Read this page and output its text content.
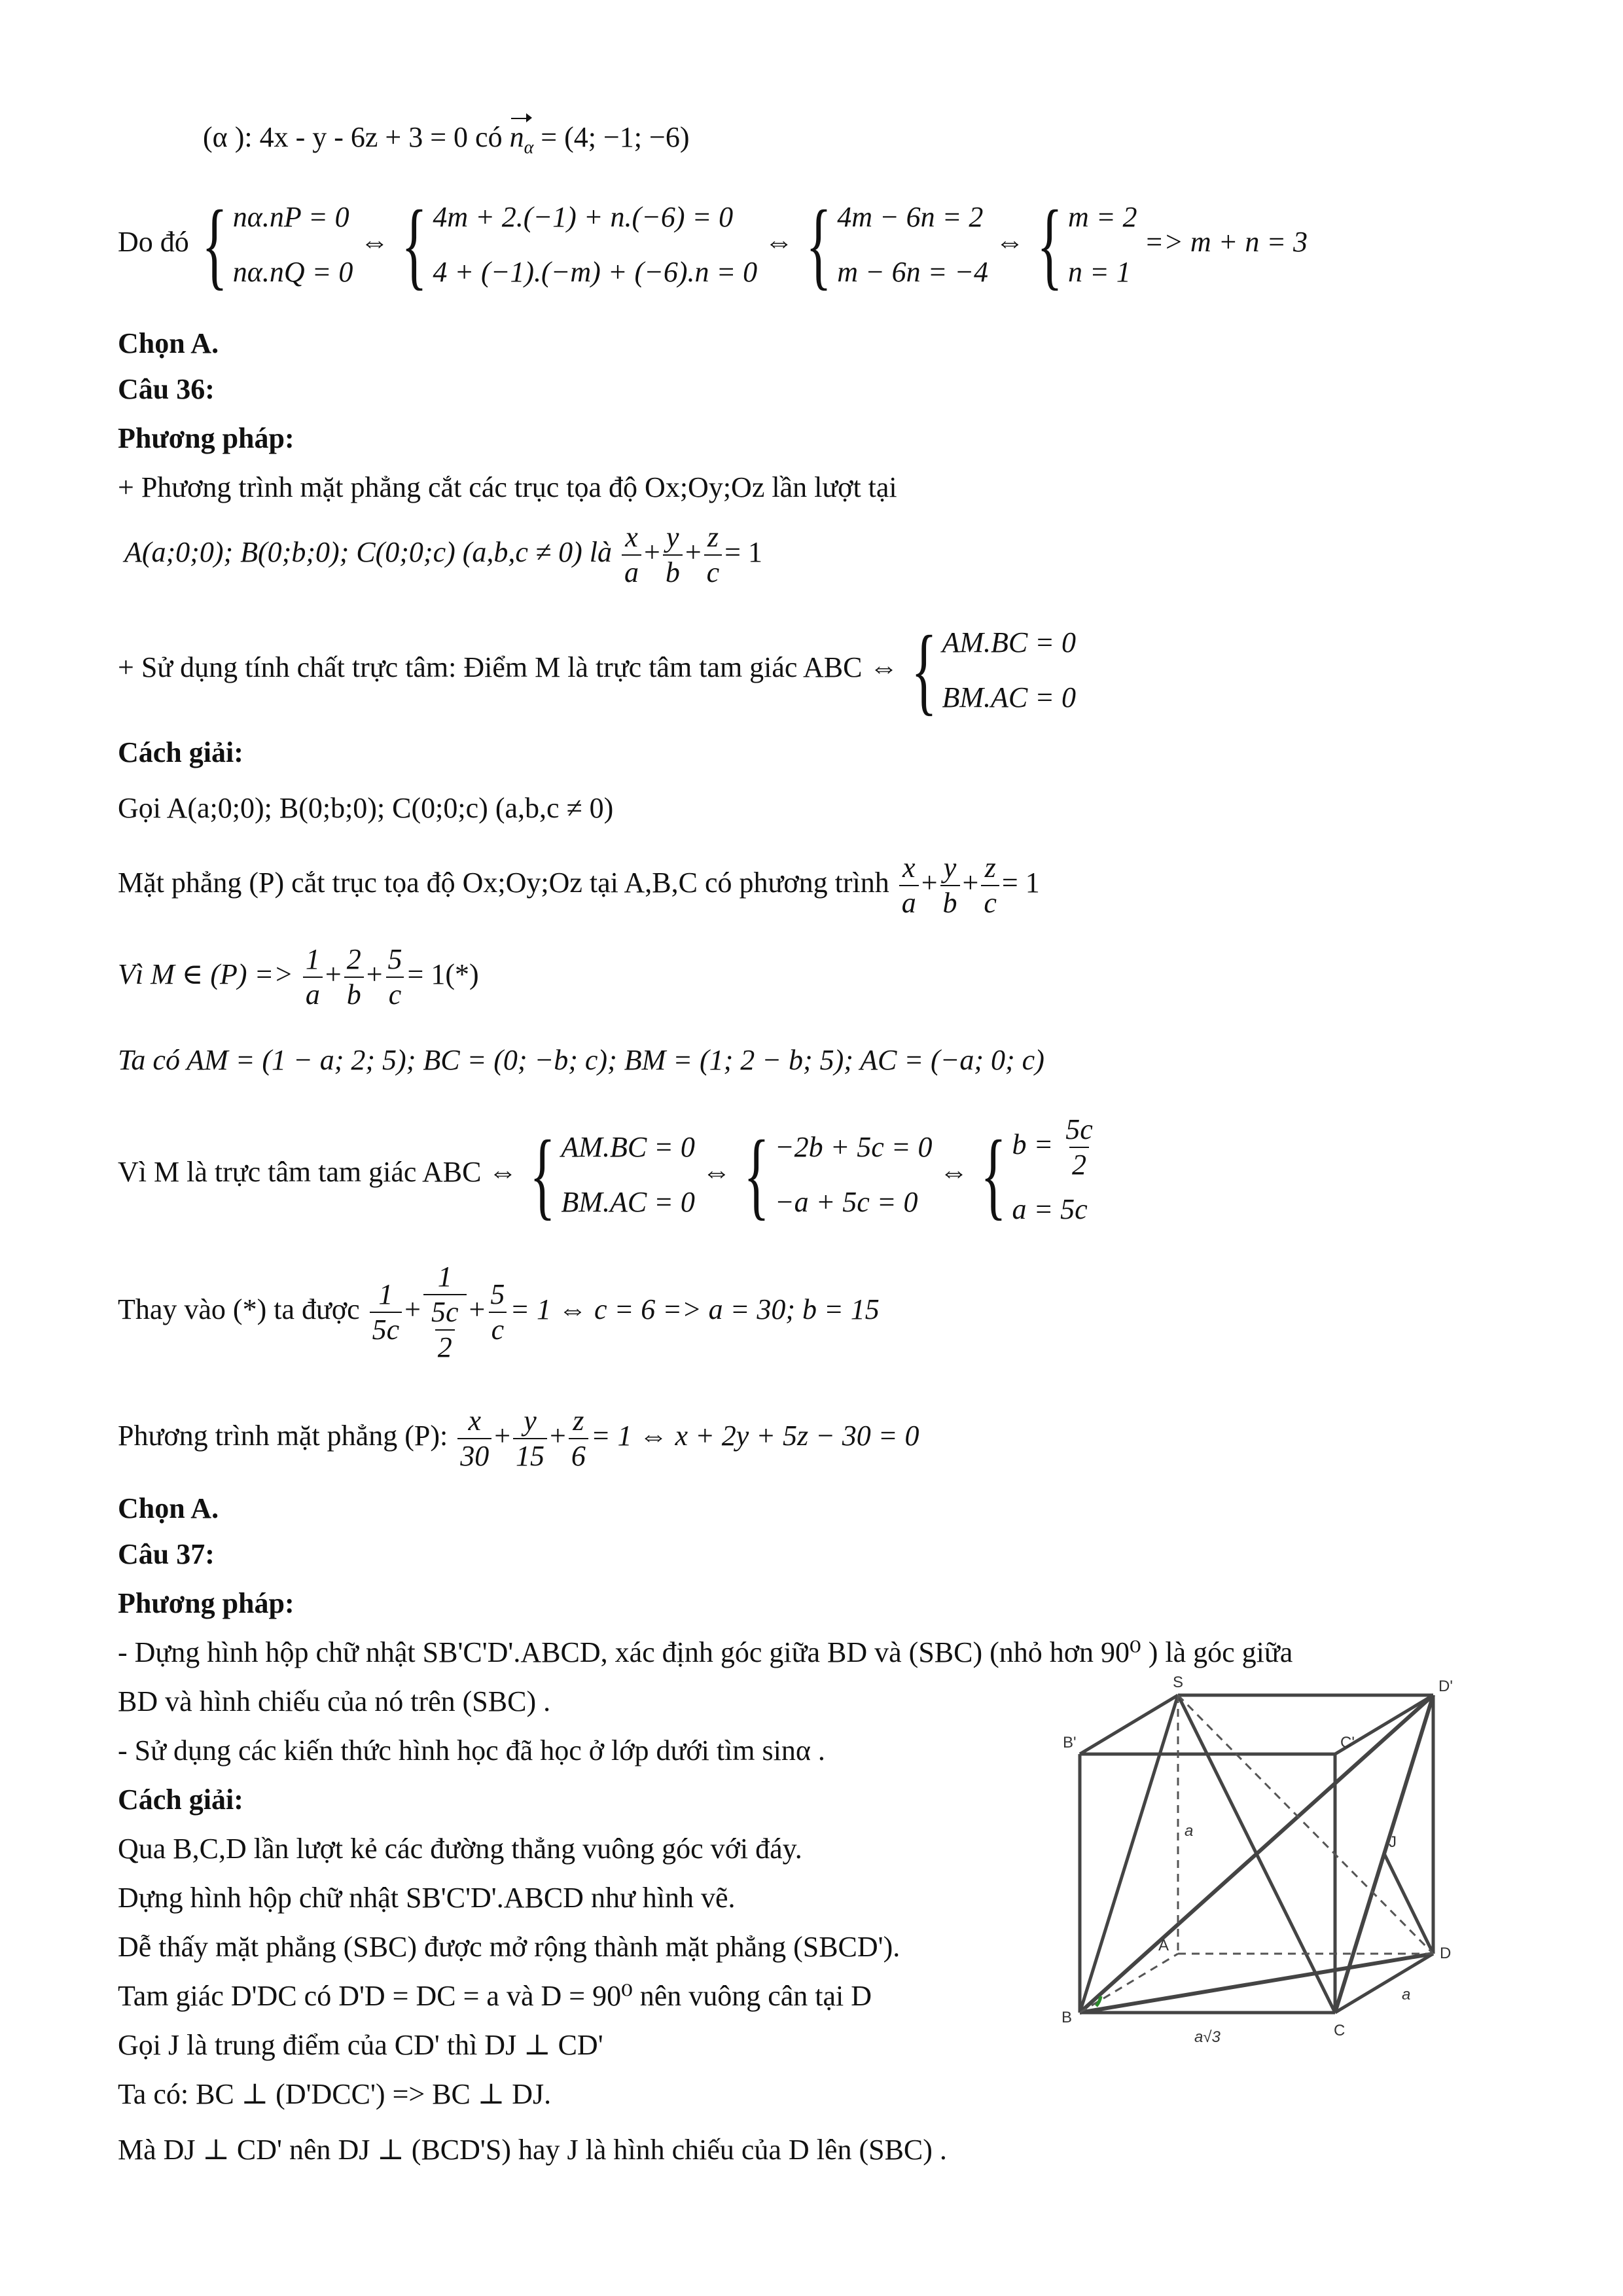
(α ): 4x - y - 6z + 3 = 0 có $n_\alpha = (4$; −1; −6)
Do đó { nα.nP = 0
nα.nQ = 0
⇔ { 4m + 2.(−1) + n.(−6) = 0
4 + (−1).(−m) + (−6).n = 0
⇔ { 4m − 6n = 2
m − 6n = −4
⇔ { m = 2
n = 1
=> m + n = 3
Chọn A.
Câu 36:
Phương pháp:
+ Phương trình mặt phẳng cắt các trục tọa độ Ox;Oy;Oz lần lượt tại
A(a;0;0); B(0;b;0); C(0;0;c) (a,b,c ≠ 0) là $\frac{x}{a} + \frac{y}{b} + \frac{z}{c} = 1$
+ Sử dụng tính chất trực tâm: Điểm M là trực tâm tam giác ABC ⇔ { AM.BC = 0
BM.AC = 0
Cách giải:
Gọi A(a;0;0); B(0;b;0); C(0;0;c) (a,b,c ≠ 0)
Mặt phẳng (P) cắt trục tọa độ Ox;Oy;Oz tại A,B,C có phương trình $\frac{x}{a} + \frac{y}{b} + \frac{z}{c} = 1$
Vì M ∈ $(P) => \frac{1}{a} + \frac{2}{b} + \frac{5}{c} = 1(*)$
Ta có AM = (1 − a; 2; 5); BC = (0; −b; c); BM = (1; 2 − b; 5); AC = (−a; 0; c)
Vì M là trực tâm tam giác ABC ⇔ { AM.BC = 0
BM.AC = 0
⇔ { −2b + 5c = 0
−a + 5c = 0
⇔ { $b = \frac{5c}{2}$
a = 5c
Thay vào (*) ta được $\frac{1}{5c} + \frac{1}{\frac{5c}{2}} + \frac{5}{c} = 1$ ⇔ c = 6 => a = 30; b = 15
Phương trình mặt phẳng (P): $\frac{x}{30} + \frac{y}{15} + \frac{z}{6} = 1$ ⇔ x + 2y + 5z − 30 = 0
Chọn A.
Câu 37:
Phương pháp:
- Dựng hình hộp chữ nhật SB'C'D'.ABCD, xác định góc giữa BD và (SBC) (nhỏ hơn 90⁰ ) là góc giữa
BD và hình chiếu của nó trên (SBC) .
- Sử dụng các kiến thức hình học đã học ở lớp dưới tìm sinα .
Cách giải:
Qua B,C,D lần lượt kẻ các đường thẳng vuông góc với đáy.
Dựng hình hộp chữ nhật SB'C'D'.ABCD như hình vẽ.
Dễ thấy mặt phẳng (SBC) được mở rộng thành mặt phẳng (SBCD').
Tam giác D'DC có D'D = DC = a và D = 90⁰ nên vuông cân tại D
Gọi J là trung điểm của CD' thì DJ ⊥ CD'
Ta có: BC ⊥ (D'DCC') => BC ⊥ DJ.
Mà DJ ⊥ CD' nên DJ ⊥ (BCD'S) hay J là hình chiếu của D lên (SBC) .
S	D'
B'	C'
J
A	D
B
C
a
a
a√3
